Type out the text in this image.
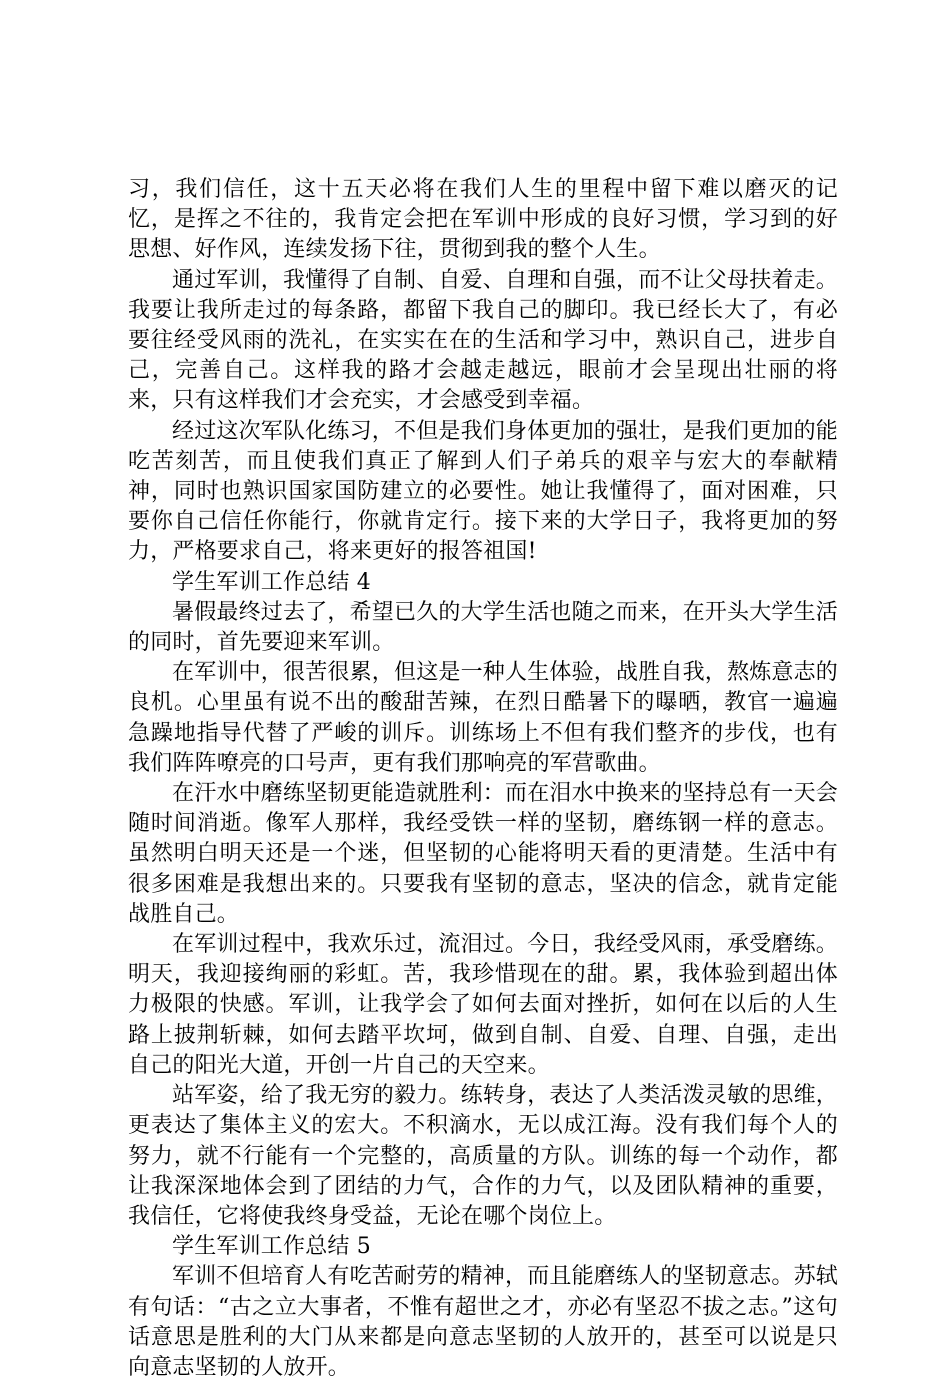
习，我们信任，这十五天必将在我们人生的里程中留下难以磨灭的记忆，是挥之不往的，我肯定会把在军训中形成的良好习惯，学习到的好思想、好作风，连续发扬下往，贯彻到我的整个人生。

通过军训，我懂得了自制、自爱、自理和自强，而不让父母扶着走。我要让我所走过的每条路，都留下我自己的脚印。我已经长大了，有必要往经受风雨的洗礼，在实实在在的生活和学习中，熟识自己，进步自己，完善自己。这样我的路才会越走越远，眼前才会呈现出壮丽的将来，只有这样我们才会充实，才会感受到幸福。

经过这次军队化练习，不但是我们身体更加的强壮，是我们更加的能吃苦刻苦，而且使我们真正了解到人们子弟兵的艰辛与宏大的奉献精神，同时也熟识国家国防建立的必要性。她让我懂得了，面对困难，只要你自己信任你能行，你就肯定行。接下来的大学日子，我将更加的努力，严格要求自己，将来更好的报答祖国!

学生军训工作总结 4

暑假最终过去了，希望已久的大学生活也随之而来，在开头大学生活的同时，首先要迎来军训。

在军训中，很苦很累，但这是一种人生体验，战胜自我，熬炼意志的良机。心里虽有说不出的酸甜苦辣，在烈日酷暑下的曝晒，教官一遍遍急躁地指导代替了严峻的训斥。训练场上不但有我们整齐的步伐，也有我们阵阵嘹亮的口号声，更有我们那响亮的军营歌曲。

在汗水中磨练坚韧更能造就胜利：而在泪水中换来的坚持总有一天会随时间消逝。像军人那样，我经受铁一样的坚韧，磨练钢一样的意志。虽然明白明天还是一个迷，但坚韧的心能将明天看的更清楚。生活中有很多困难是我想出来的。只要我有坚韧的意志，坚决的信念，就肯定能战胜自己。

在军训过程中，我欢乐过，流泪过。今日，我经受风雨，承受磨练。明天，我迎接绚丽的彩虹。苦，我珍惜现在的甜。累，我体验到超出体力极限的快感。军训，让我学会了如何去面对挫折，如何在以后的人生路上披荆斩棘，如何去踏平坎坷，做到自制、自爱、自理、自强，走出自己的阳光大道，开创一片自己的天空来。

站军姿，给了我无穷的毅力。练转身，表达了人类活泼灵敏的思维，更表达了集体主义的宏大。不积滴水，无以成江海。没有我们每个人的努力，就不行能有一个完整的，高质量的方队。训练的每一个动作，都让我深深地体会到了团结的力气，合作的力气，以及团队精神的重要，我信任，它将使我终身受益，无论在哪个岗位上。

学生军训工作总结 5

军训不但培育人有吃苦耐劳的精神，而且能磨练人的坚韧意志。苏轼有句话：“古之立大事者，不惟有超世之才，亦必有坚忍不拔之志。”这句话意思是胜利的大门从来都是向意志坚韧的人放开的，甚至可以说是只向意志坚韧的人放开。
